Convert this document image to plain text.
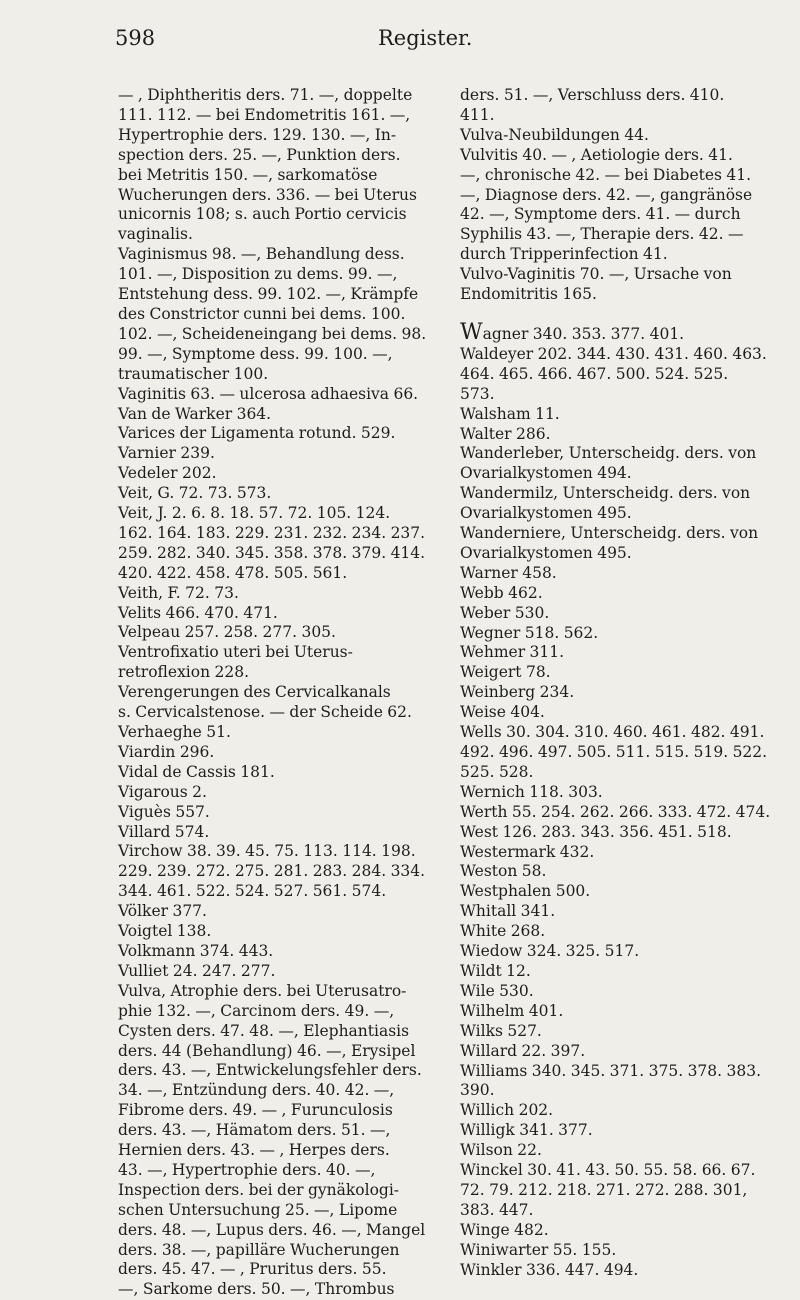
598	Register.

— , Diphtheritis ders. 71. —, doppelte

111. 112. — bei Endometritis 161. —,

Hypertrophie ders. 129. 130. —, In-

spection ders. 25. —, Punktion ders.

bei Metritis 150. —, sarkomatöse

Wucherungen ders. 336. — bei Uterus

unicornis 108; s. auch Portio cervicis

vaginalis.

Vaginismus 98. —, Behandlung dess.

101. —, Disposition zu dems. 99. —,

Entstehung dess. 99. 102. —, Krämpfe

des Constrictor cunni bei dems. 100.

102. —, Scheideneingang bei dems. 98.

99. —, Symptome dess. 99. 100. —,

traumatischer 100.

Vaginitis 63. — ulcerosa adhaesiva 66.

Van de Warker 364.

Varices der Ligamenta rotund. 529.

Varnier 239.

Vedeler 202.

Veit, G. 72. 73. 573.

Veit, J. 2. 6. 8. 18. 57. 72. 105. 124.

162. 164. 183. 229. 231. 232. 234. 237.

259. 282. 340. 345. 358. 378. 379. 414.

420. 422. 458. 478. 505. 561.

Veith, F. 72. 73.

Velits 466. 470. 471.

Velpeau 257. 258. 277. 305.

Ventrofixatio uteri bei Uterus-

retroflexion 228.

Verengerungen des Cervicalkanals

s. Cervicalstenose. — der Scheide 62.

Verhaeghe 51.

Viardin 296.

Vidal de Cassis 181.

Vigarous 2.

Viguès 557.

Villard 574.

Virchow 38. 39. 45. 75. 113. 114. 198.

229. 239. 272. 275. 281. 283. 284. 334.

344. 461. 522. 524. 527. 561. 574.

Völker 377.

Voigtel 138.

Volkmann 374. 443.

Vulliet 24. 247. 277.

Vulva, Atrophie ders. bei Uterusatro-

phie 132. —, Carcinom ders. 49. —,

Cysten ders. 47. 48. —, Elephantiasis

ders. 44 (Behandlung) 46. —, Erysipel

ders. 43. —, Entwickelungsfehler ders.

34. —, Entzündung ders. 40. 42. —,

Fibrome ders. 49. — , Furunculosis

ders. 43. —, Hämatom ders. 51. —,

Hernien ders. 43. — , Herpes ders.

43. —, Hypertrophie ders. 40. —,

Inspection ders. bei der gynäkologi-

schen Untersuchung 25. —, Lipome

ders. 48. —, Lupus ders. 46. —, Mangel

ders. 38. —, papilläre Wucherungen

ders. 45. 47. — , Pruritus ders. 55.

—, Sarkome ders. 50. —, Thrombus

ders. 51. —, Verschluss ders. 410.

411.

Vulva-Neubildungen 44.

Vulvitis 40. — , Aetiologie ders. 41.

—, chronische 42. — bei Diabetes 41.

—, Diagnose ders. 42. —, gangränöse

42. —, Symptome ders. 41. — durch

Syphilis 43. —, Therapie ders. 42. —

durch Tripperinfection 41.

Vulvo-Vaginitis 70. —, Ursache von

Endomitritis 165.

Wagner 340. 353. 377. 401.

Waldeyer 202. 344. 430. 431. 460. 463.

464. 465. 466. 467. 500. 524. 525.

573.

Walsham 11.

Walter 286.

Wanderleber, Unterscheidg. ders. von

Ovarialkystomen 494.

Wandermilz, Unterscheidg. ders. von

Ovarialkystomen 495.

Wanderniere, Unterscheidg. ders. von

Ovarialkystomen 495.

Warner 458.

Webb 462.

Weber 530.

Wegner 518. 562.

Wehmer 311.

Weigert 78.

Weinberg 234.

Weise 404.

Wells 30. 304. 310. 460. 461. 482. 491.

492. 496. 497. 505. 511. 515. 519. 522.

525. 528.

Wernich 118. 303.

Werth 55. 254. 262. 266. 333. 472. 474.

West 126. 283. 343. 356. 451. 518.

Westermark 432.

Weston 58.

Westphalen 500.

Whitall 341.

White 268.

Wiedow 324. 325. 517.

Wildt 12.

Wile 530.

Wilhelm 401.

Wilks 527.

Willard 22. 397.

Williams 340. 345. 371. 375. 378. 383.

390.

Willich 202.

Willigk 341. 377.

Wilson 22.

Winckel 30. 41. 43. 50. 55. 58. 66. 67.

72. 79. 212. 218. 271. 272. 288. 301,

383. 447.

Winge 482.

Winiwarter 55. 155.

Winkler 336. 447. 494.
